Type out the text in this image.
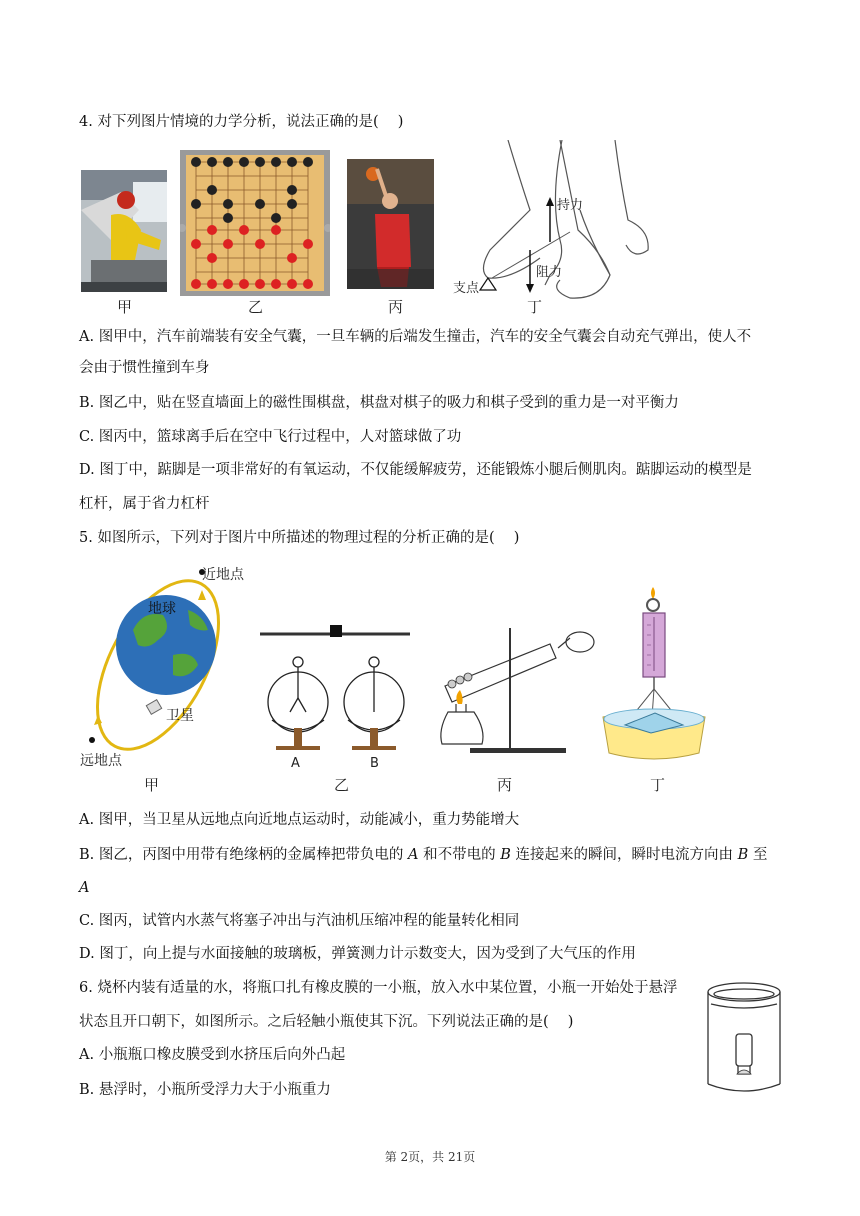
4. 对下列图片情境的力学分析，说法正确的是(　 )
持力
阻力
支点
甲	乙	丙	丁
A. 图甲中，汽车前端装有安全气囊，一旦车辆的后端发生撞击，汽车的安全气囊会自动充气弹出，使人不
会由于惯性撞到车身
B. 图乙中，贴在竖直墙面上的磁性围棋盘，棋盘对棋子的吸力和棋子受到的重力是一对平衡力
C. 图丙中，篮球离手后在空中飞行过程中，人对篮球做了功
D. 图丁中，踮脚是一项非常好的有氧运动，不仅能缓解疲劳，还能锻炼小腿后侧肌肉。踮脚运动的模型是
杠杆，属于省力杠杆
5. 如图所示，下列对于图片中所描述的物理过程的分析正确的是(　 )
近地点
地球
卫星
远地点	A	B
甲	乙	丙	丁
A. 图甲，当卫星从远地点向近地点运动时，动能减小，重力势能增大
B. 图乙，丙图中用带有绝缘柄的金属棒把带负电的 A 和不带电的 B 连接起来的瞬间，瞬时电流方向由 B 至
A
C. 图丙，试管内水蒸气将塞子冲出与汽油机压缩冲程的能量转化相同
D. 图丁，向上提与水面接触的玻璃板，弹簧测力计示数变大，因为受到了大气压的作用
6. 烧杯内装有适量的水，将瓶口扎有橡皮膜的一小瓶，放入水中某位置，小瓶一开始处于悬浮
状态且开口朝下，如图所示。之后轻触小瓶使其下沉。下列说法正确的是(　 )
A. 小瓶瓶口橡皮膜受到水挤压后向外凸起
B. 悬浮时，小瓶所受浮力大于小瓶重力
第 2页，共 21页
